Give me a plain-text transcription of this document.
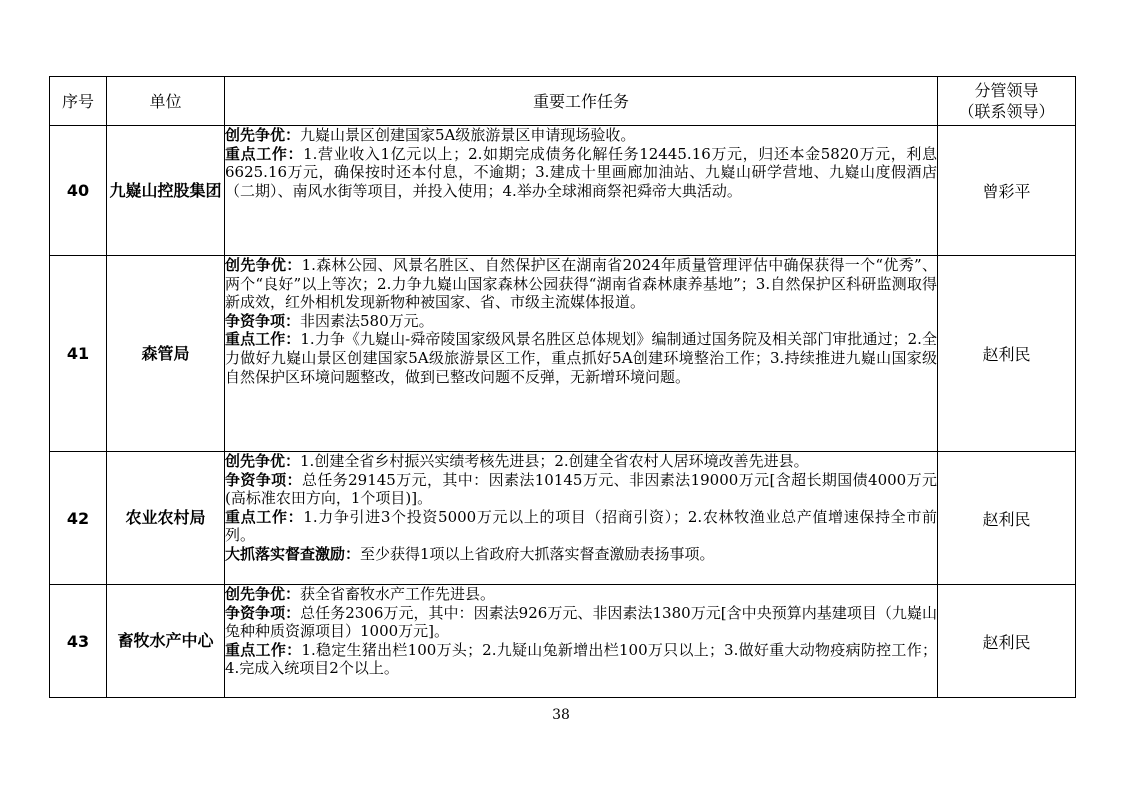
序号	单位	重要工作任务	分管领导
（联系领导）

40	九嶷山控股集团	创先争优：九嶷山景区创建国家5A级旅游景区申请现场验收。

重点工作：1.营业收入1亿元以上；2.如期完成债务化解任务12445.16万元，归还本金5820万元，利息6625.16万元，确保按时还本付息，不逾期；3.建成十里画廊加油站、九嶷山研学营地、九嶷山度假酒店（二期）、南风水街等项目，并投入使用；4.举办全球湘商祭祀舜帝大典活动。	曾彩平
41	森管局	创先争优：1.森林公园、风景名胜区、自然保护区在湖南省2024年质量管理评估中确保获得一个“优秀”、两个“良好”以上等次；2.力争九嶷山国家森林公园获得“湖南省森林康养基地”；3.自然保护区科研监测取得新成效，红外相机发现新物种被国家、省、市级主流媒体报道。

争资争项：非因素法580万元。

重点工作：1.力争《九嶷山-舜帝陵国家级风景名胜区总体规划》编制通过国务院及相关部门审批通过；2.全力做好九嶷山景区创建国家5A级旅游景区工作，重点抓好5A创建环境整治工作；3.持续推进九嶷山国家级自然保护区环境问题整改，做到已整改问题不反弹，无新增环境问题。	赵利民
42	农业农村局	创先争优：1.创建全省乡村振兴实绩考核先进县；2.创建全省农村人居环境改善先进县。

争资争项：总任务29145万元，其中：因素法10145万元、非因素法19000万元[含超长期国债4000万元(高标准农田方向，1个项目)]。

重点工作：1.力争引进3个投资5000万元以上的项目（招商引资）；2.农林牧渔业总产值增速保持全市前列。

大抓落实督查激励：至少获得1项以上省政府大抓落实督查激励表扬事项。	赵利民
43	畜牧水产中心	创先争优：获全省畜牧水产工作先进县。

争资争项：总任务2306万元，其中：因素法926万元、非因素法1380万元[含中央预算内基建项目（九嶷山兔种种质资源项目）1000万元]。

重点工作：1.稳定生猪出栏100万头；2.九疑山兔新增出栏100万只以上；3.做好重大动物疫病防控工作；4.完成入统项目2个以上。	赵利民
38
